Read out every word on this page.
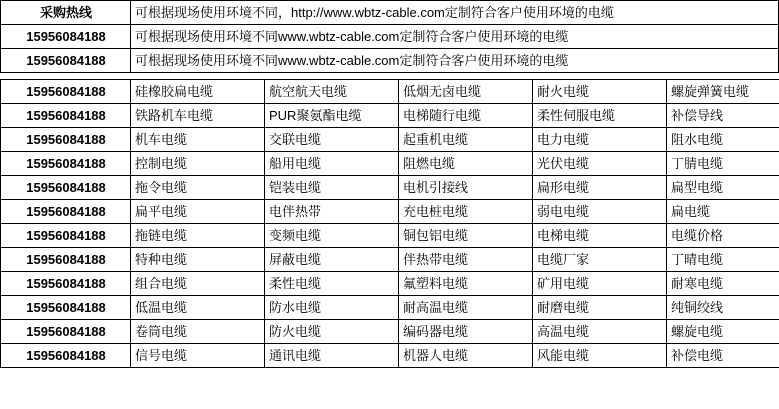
采购热线	可根据现场使用环境不同，http://www.wbtz-cable.com定制符合客户使用环境的电缆
15956084188	可根据现场使用环境不同www.wbtz-cable.com定制符合客户使用环境的电缆
15956084188	可根据现场使用环境不同www.wbtz-cable.com定制符合客户使用环境的电缆
15956084188	硅橡胶扁电缆	航空航天电缆	低烟无卤电缆	耐火电缆	螺旋弹簧电缆	
15956084188	铁路机车电缆	PUR聚氨酯电缆	电梯随行电缆	柔性伺服电缆	补偿导线	
15956084188	机车电缆	交联电缆	起重机电缆	电力电缆	阻水电缆	
15956084188	控制电缆	船用电缆	阻燃电缆	光伏电缆	丁腈电缆	
15956084188	拖令电缆	铠装电缆	电机引接线	扁形电缆	扁型电缆	
15956084188	扁平电缆	电伴热带	充电桩电缆	弱电电缆	扁电缆	
15956084188	拖链电缆	变频电缆	铜包铝电缆	电梯电缆	电缆价格	
15956084188	特种电缆	屏蔽电缆	伴热带电缆	电缆厂家	丁晴电缆	
15956084188	组合电缆	柔性电缆	氟塑料电缆	矿用电缆	耐寒电缆	
15956084188	低温电缆	防水电缆	耐高温电缆	耐磨电缆	纯铜绞线	
15956084188	卷筒电缆	防火电缆	编码器电缆	高温电缆	螺旋电缆	
15956084188	信号电缆	通讯电缆	机器人电缆	风能电缆	补偿电缆	
